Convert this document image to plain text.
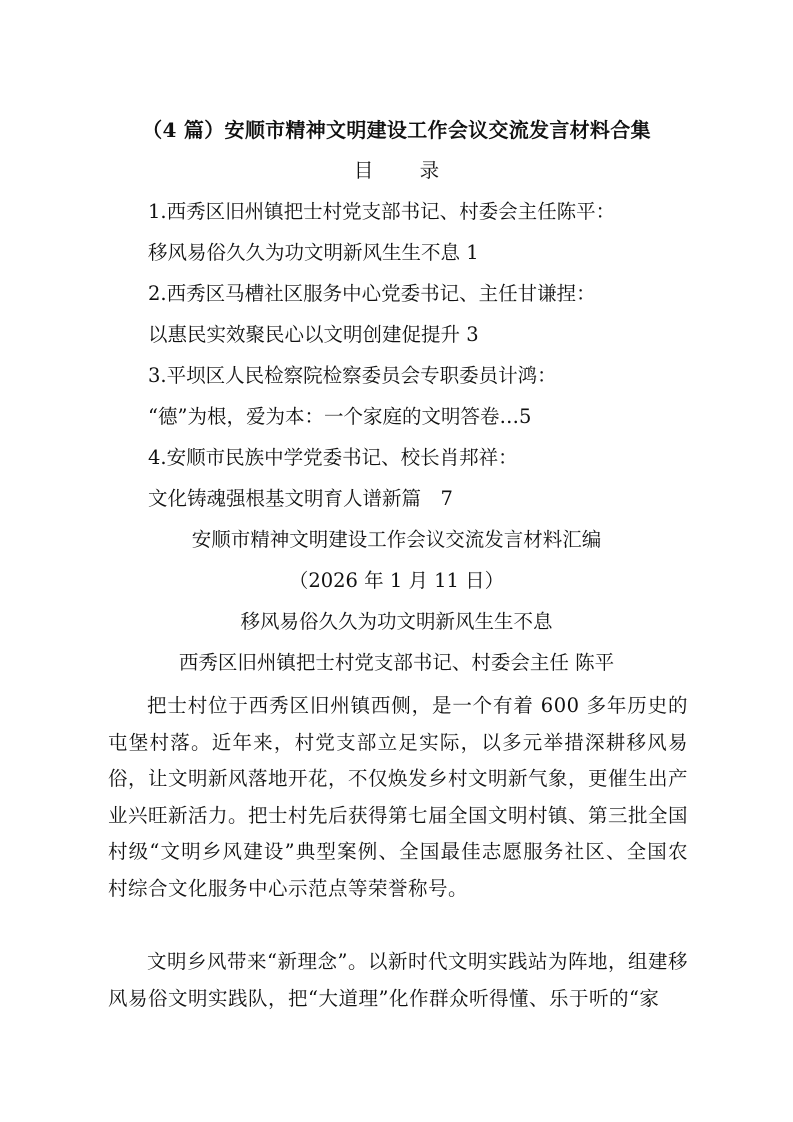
（4 篇）安顺市精神文明建设工作会议交流发言材料合集

目 录

1.西秀区旧州镇把士村党支部书记、村委会主任陈平：

移风易俗久久为功文明新风生生不息 1

2.西秀区马槽社区服务中心党委书记、主任甘谦捏：

以惠民实效聚民心以文明创建促提升 3

3.平坝区人民检察院检察委员会专职委员计鸿：

“德”为根，爱为本：一个家庭的文明答卷…5

4.安顺市民族中学党委书记、校长肖邦祥：

文化铸魂强根基文明育人谱新篇　7

安顺市精神文明建设工作会议交流发言材料汇编

（2026 年 1 月 11 日）

移风易俗久久为功文明新风生生不息

西秀区旧州镇把士村党支部书记、村委会主任 陈平

把士村位于西秀区旧州镇西侧，是一个有着 600 多年历史的屯堡村落。近年来，村党支部立足实际，以多元举措深耕移风易俗，让文明新风落地开花，不仅焕发乡村文明新气象，更催生出产业兴旺新活力。把士村先后获得第七届全国文明村镇、第三批全国村级“文明乡风建设”典型案例、全国最佳志愿服务社区、全国农村综合文化服务中心示范点等荣誉称号。

文明乡风带来“新理念”。以新时代文明实践站为阵地，组建移风易俗文明实践队，把“大道理”化作群众听得懂、乐于听的“家
